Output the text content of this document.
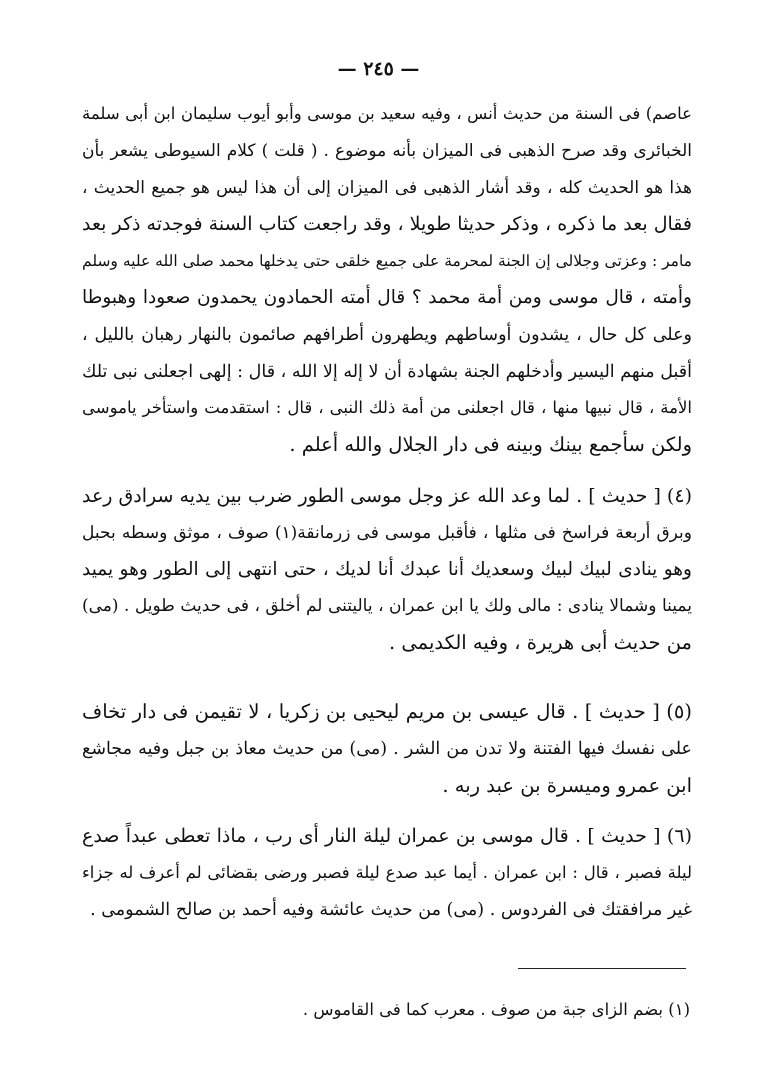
— ٢٤٥ —
عاصم) فى السنة من حديث أنس ، وفيه سعيد بن موسى وأبو أيوب سليمان ابن أبى سلمة
الخبائرى وقد صرح الذهبى فى الميزان بأنه موضوع . ( قلت ) كلام السيوطى يشعر بأن
هذا هو الحديث كله ، وقد أشار الذهبى فى الميزان إلى أن هذا ليس هو جميع الحديث ،
فقال بعد ما ذكره ، وذكر حديثا طويلا ، وقد راجعت كتاب السنة فوجدته ذكر بعد
مامر : وعزتى وجلالى إن الجنة لمحرمة على جميع خلقى حتى يدخلها محمد صلى الله عليه وسلم
وأمته ، قال موسى ومن أمة محمد ؟ قال أمته الحمادون يحمدون صعودا وهبوطا
وعلى كل حال ، يشدون أوساطهم ويطهرون أطرافهم صائمون بالنهار رهبان بالليل ،
أقبل منهم اليسير وأدخلهم الجنة بشهادة أن لا إله إلا الله ، قال : إلهى اجعلنى نبى تلك
الأمة ، قال نبيها منها ، قال اجعلنى من أمة ذلك النبى ، قال : استقدمت واستأخر ياموسى
ولكن سأجمع بينك وبينه فى دار الجلال والله أعلم .
(٤) [ حديث ] . لما وعد الله عز وجل موسى الطور ضرب بين يديه سرادق رعد
وبرق أربعة فراسخ فى مثلها ، فأقبل موسى فى زرمانقة(١) صوف ، موثق وسطه بحبل
وهو ينادى لبيك لبيك وسعديك أنا عبدك أنا لديك ، حتى انتهى إلى الطور وهو يميد
يمينا وشمالا ينادى : مالى ولك يا ابن عمران ، ياليتنى لم أخلق ، فى حديث طويل . (مى)
من حديث أبى هريرة ، وفيه الكديمى .
(٥) [ حديث ] . قال عيسى بن مريم ليحيى بن زكريا ، لا تقيمن فى دار تخاف
على نفسك فيها الفتنة ولا تدن من الشر . (مى) من حديث معاذ بن جبل وفيه مجاشع
ابن عمرو وميسرة بن عبد ربه .
(٦) [ حديث ] . قال موسى بن عمران ليلة النار أى رب ، ماذا تعطى عبداً صدع
ليلة فصبر ، قال : ابن عمران . أيما عبد صدع ليلة فصبر ورضى بقضائى لم أعرف له جزاء
غير مرافقتك فى الفردوس . (مى) من حديث عائشة وفيه أحمد بن صالح الشمومى .
(١) بضم الزاى جبة من صوف . معرب كما فى القاموس .
